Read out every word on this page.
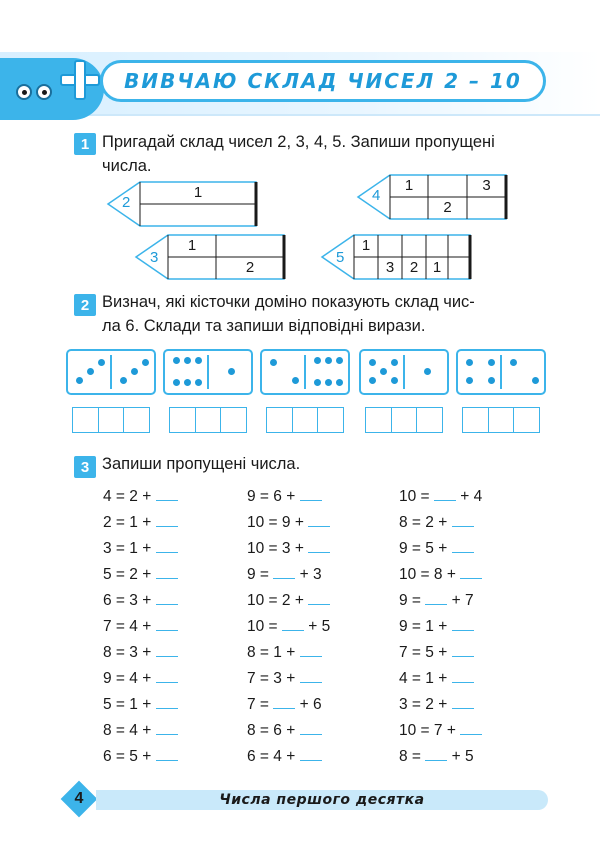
ВИВЧАЮ СКЛАД ЧИСЕЛ 2 – 10
1 Пригадай склад чисел 2, 3, 4, 5. Запиши пропущені
числа.
2
1	4
1	3
2
3
1
2
5
1
3	2 1
2 Визнач, які кісточки доміно показують склад чис-
ла 6. Склади та запиши відповідні вирази.
3 Запиши пропущені числа.
4 = 2 +
2 = 1 +
3 = 1 +
5 = 2 +
6 = 3 +
7 = 4 +
8 = 3 +
9 = 4 +
5 = 1 +
8 = 4 +
6 = 5 +
9 = 6 +
10 = 9 +
10 = 3 +
9 =  + 3
10 = 2 +
10 =  + 5
8 = 1 +
7 = 3 +
7 =  + 6
8 = 6 +
6 = 4 +
10 =  + 4
8 = 2 +
9 = 5 +
10 = 8 +
9 =  + 7
9 = 1 +
7 = 5 +
4 = 1 +
3 = 2 +
10 = 7 +
8 =  + 5
4	Числа першого десятка
